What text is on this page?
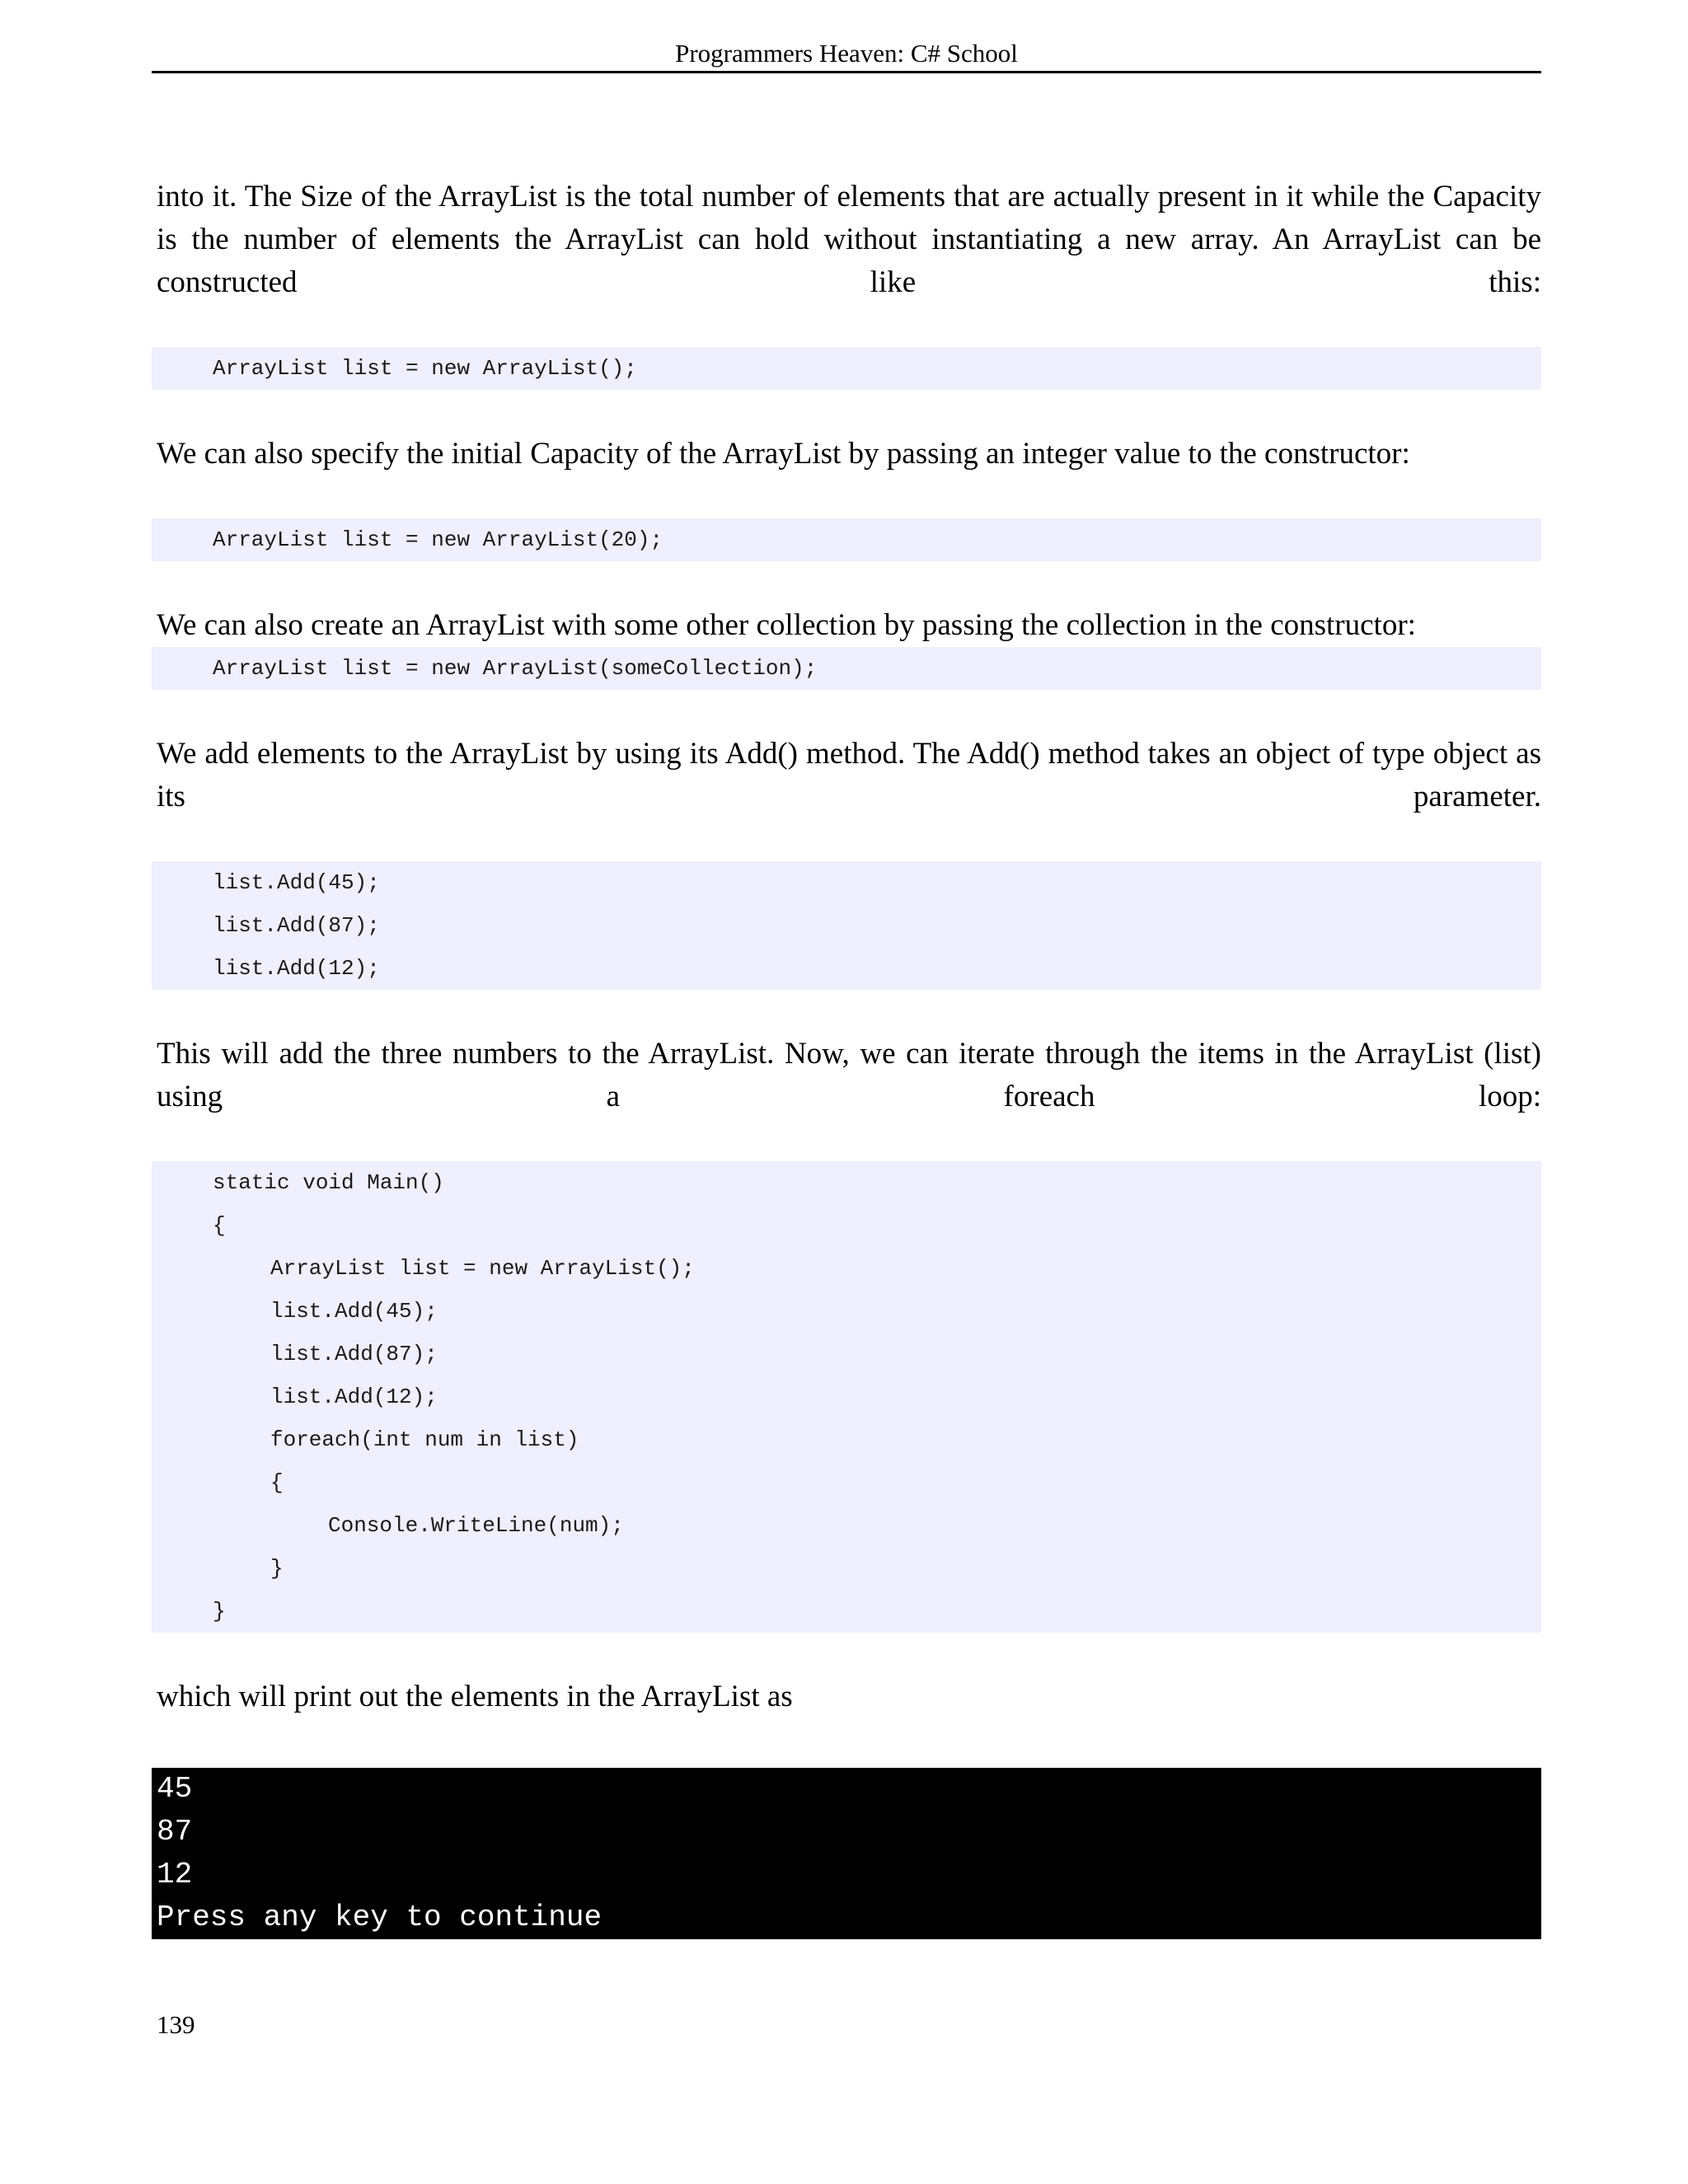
Programmers Heaven: C# School

into it. The Size of the ArrayList is the total number of elements that are actually present in it while the Capacity is the number of elements the ArrayList can hold without instantiating a new array. An ArrayList can be constructed like this:

ArrayList list = new ArrayList();

We can also specify the initial Capacity of the ArrayList by passing an integer value to the constructor:

ArrayList list = new ArrayList(20);

We can also create an ArrayList with some other collection by passing the collection in the constructor:

ArrayList list = new ArrayList(someCollection);

We add elements to the ArrayList by using its Add() method. The Add() method takes an object of type object as its parameter.

list.Add(45);
list.Add(87);
list.Add(12);

This will add the three numbers to the ArrayList. Now, we can iterate through the items in the ArrayList (list) using a foreach loop:

static void Main()
{
ArrayList list = new ArrayList();
list.Add(45);
list.Add(87);
list.Add(12);
foreach(int num in list)
{
Console.WriteLine(num);
}
}

which will print out the elements in the ArrayList as

45
87
12
Press any key to continue
139
